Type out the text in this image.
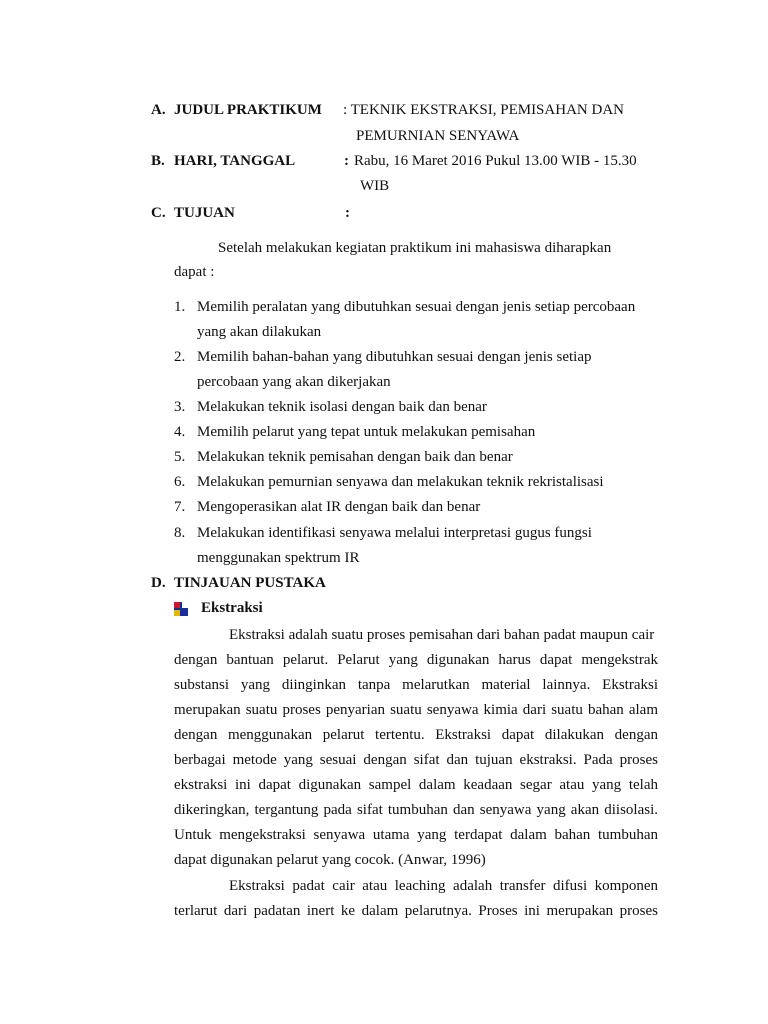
A. JUDUL PRAKTIKUM : TEKNIK EKSTRAKSI, PEMISAHAN DAN
PEMURNIAN SENYAWA
B. HARI, TANGGAL	: Rabu, 16 Maret 2016 Pukul 13.00 WIB - 15.30
WIB
C. TUJUAN	:
Setelah melakukan kegiatan praktikum ini mahasiswa diharapkan
dapat :
1. Memilih peralatan yang dibutuhkan sesuai dengan jenis setiap percobaan
yang akan dilakukan
2. Memilih bahan-bahan yang dibutuhkan sesuai dengan jenis setiap
percobaan yang akan dikerjakan
3. Melakukan teknik isolasi dengan baik dan benar
4. Memilih pelarut yang tepat untuk melakukan pemisahan
5. Melakukan teknik pemisahan dengan baik dan benar
6. Melakukan pemurnian senyawa dan melakukan teknik rekristalisasi
7. Mengoperasikan alat IR dengan baik dan benar
8. Melakukan identifikasi senyawa melalui interpretasi gugus fungsi
menggunakan spektrum IR
D. TINJAUAN PUSTAKA
Ekstraksi
Ekstraksi adalah suatu proses pemisahan dari bahan padat maupun cair
dengan bantuan pelarut. Pelarut yang digunakan harus dapat mengekstrak
substansi yang diinginkan tanpa melarutkan material lainnya. Ekstraksi
merupakan suatu proses penyarian suatu senyawa kimia dari suatu bahan alam
dengan menggunakan pelarut tertentu. Ekstraksi dapat dilakukan dengan
berbagai metode yang sesuai dengan sifat dan tujuan ekstraksi. Pada proses
ekstraksi ini dapat digunakan sampel dalam keadaan segar atau yang telah
dikeringkan, tergantung pada sifat tumbuhan dan senyawa yang akan diisolasi.
Untuk mengekstraksi senyawa utama yang terdapat dalam bahan tumbuhan
dapat digunakan pelarut yang cocok. (Anwar, 1996)
Ekstraksi padat cair atau leaching adalah transfer difusi komponen
terlarut dari padatan inert ke dalam pelarutnya. Proses ini merupakan proses
